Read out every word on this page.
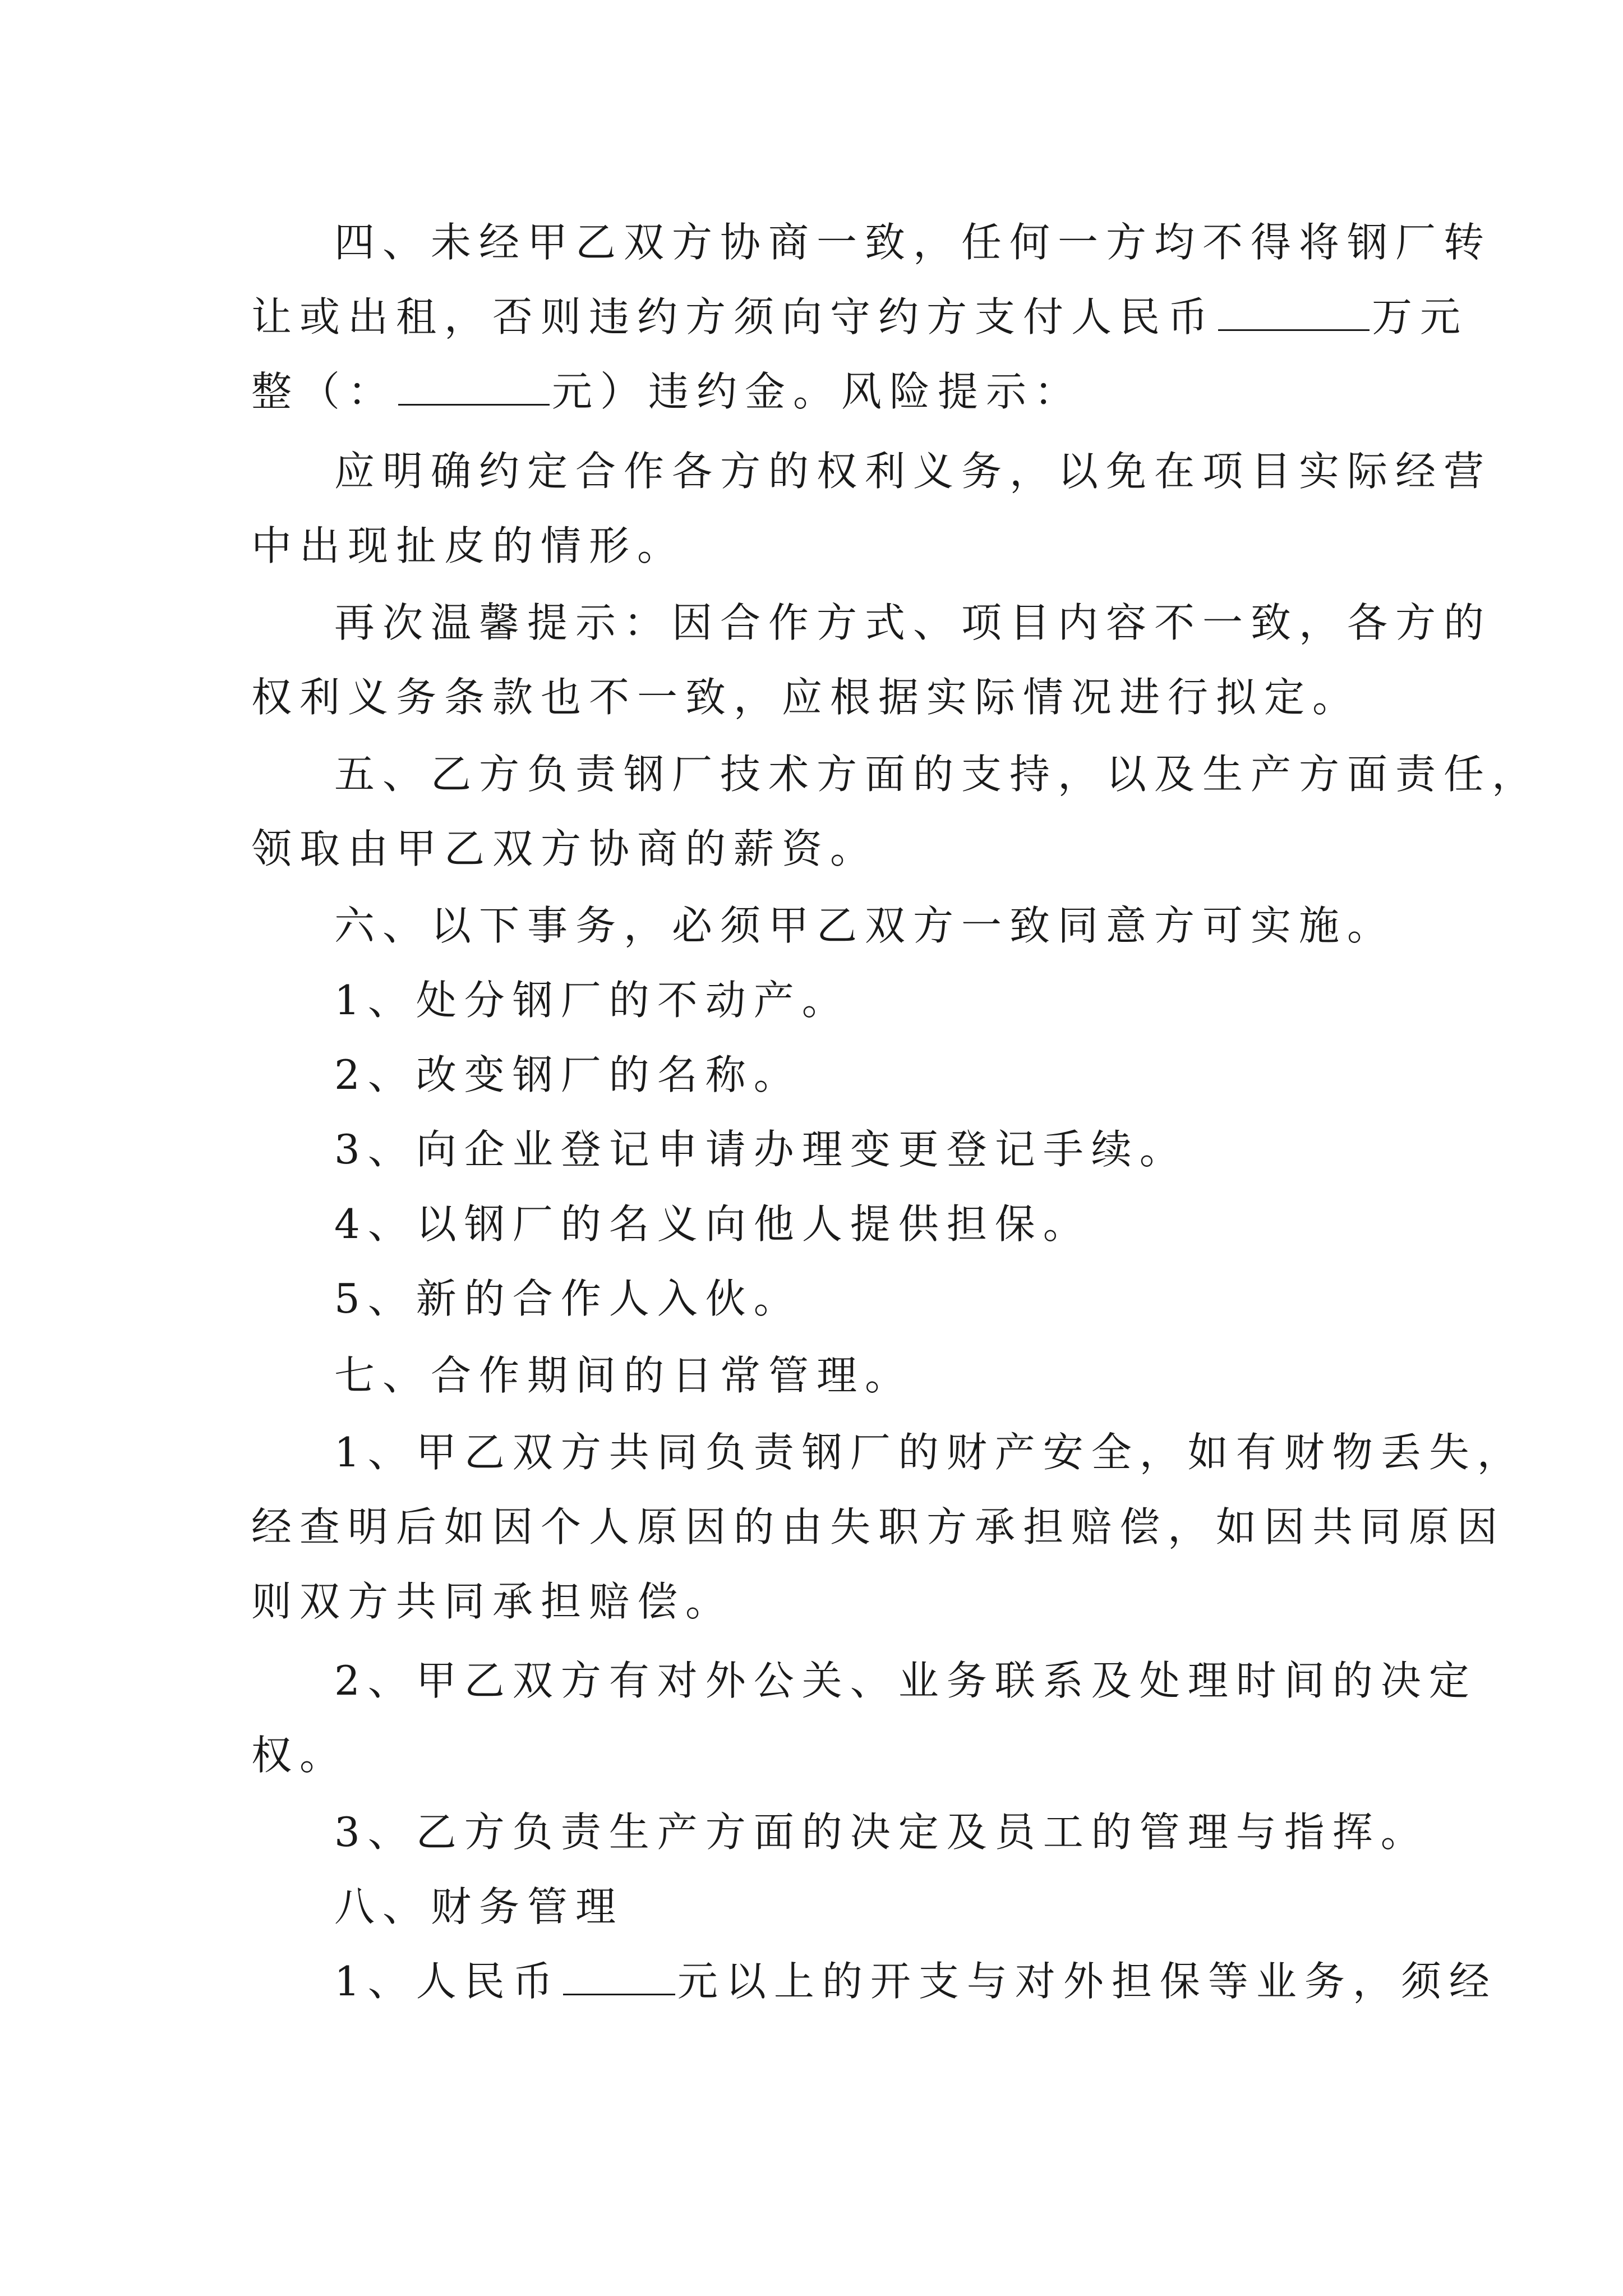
四、未经甲乙双方协商一致，任何一方均不得将钢厂转
让或出租，否则违约方须向守约方支付人民币	万元
整（：	元）违约金。风险提示：
应明确约定合作各方的权利义务，以免在项目实际经营
中出现扯皮的情形。
再次温馨提示：因合作方式、项目内容不一致，各方的
权利义务条款也不一致，应根据实际情况进行拟定。
五、乙方负责钢厂技术方面的支持，以及生产方面责任，
领取由甲乙双方协商的薪资。
六、以下事务，必须甲乙双方一致同意方可实施。
1、处分钢厂的不动产。
2、改变钢厂的名称。
3、向企业登记申请办理变更登记手续。
4、以钢厂的名义向他人提供担保。
5、新的合作人入伙。
七、合作期间的日常管理。
1、甲乙双方共同负责钢厂的财产安全，如有财物丢失，
经查明后如因个人原因的由失职方承担赔偿，如因共同原因
则双方共同承担赔偿。
2、甲乙双方有对外公关、业务联系及处理时间的决定
权。
3、乙方负责生产方面的决定及员工的管理与指挥。
八、财务管理
1、人民币	元以上的开支与对外担保等业务，须经
